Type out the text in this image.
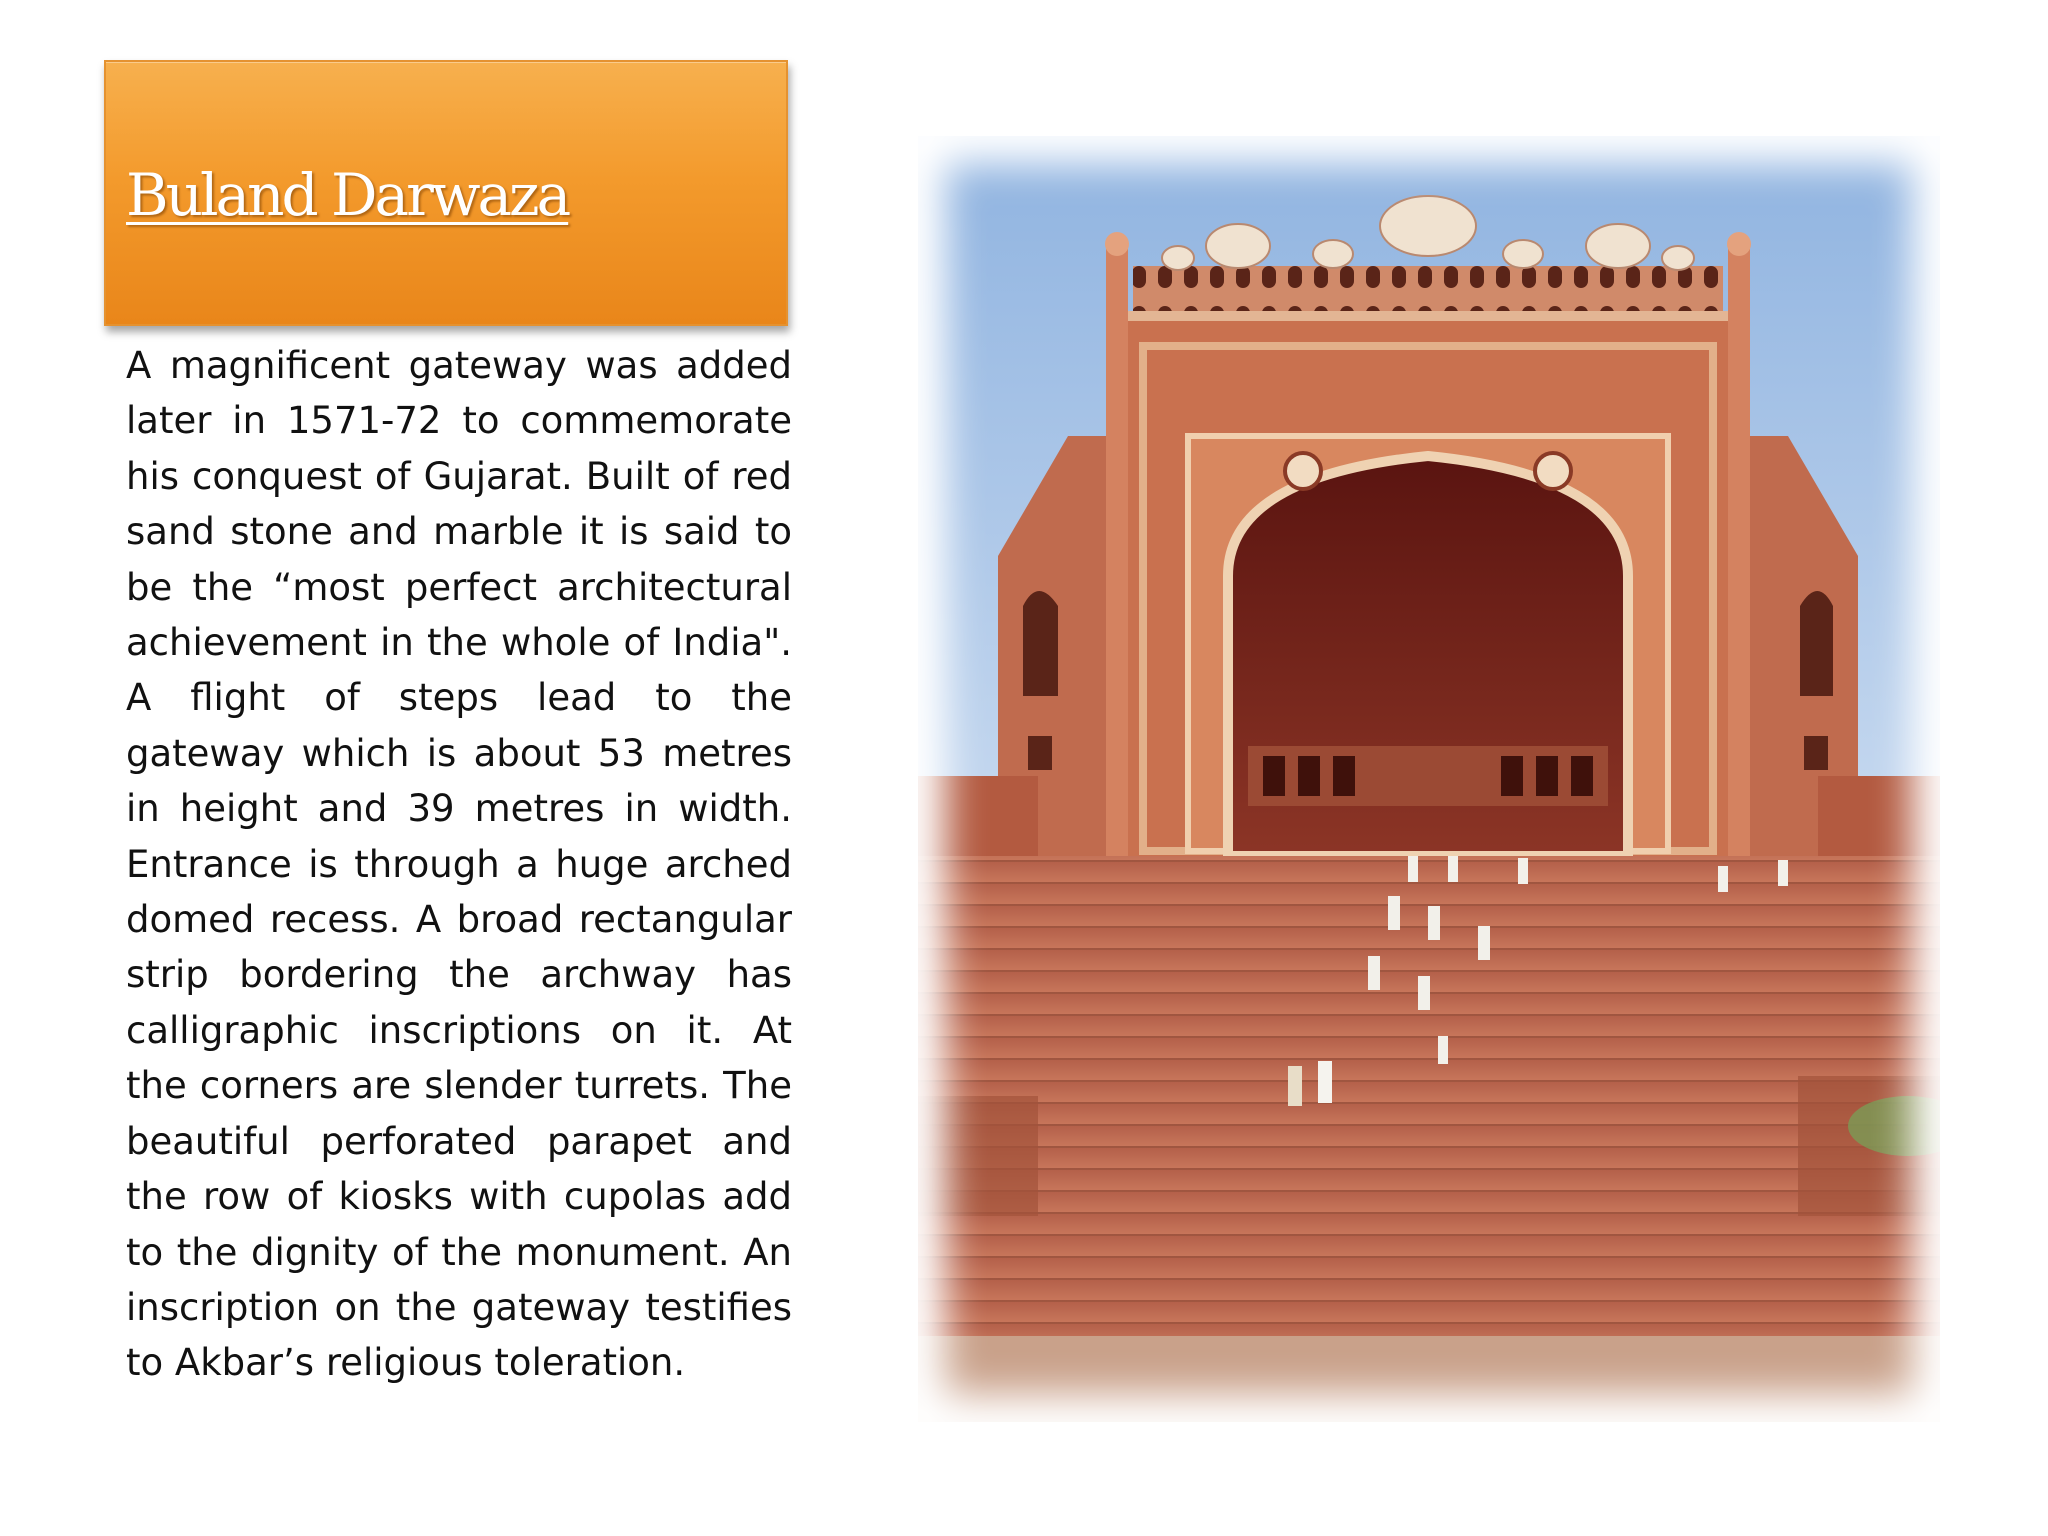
Buland Darwaza

A magnificent gateway was added later in 1571-72 to commemorate his conquest of Gujarat. Built of red sand stone and marble it is said to be the “most perfect architectural achievement in the whole of India". A flight of steps lead to the gateway which is about 53 metres in height and 39 metres in width. Entrance is through a huge arched domed recess. A broad rectangular strip bordering the archway has calligraphic inscriptions on it. At the corners are slender turrets. The beautiful perforated parapet and the row of kiosks with cupolas add to the dignity of the monument. An inscription on the gateway testifies to Akbar’s religious toleration.
